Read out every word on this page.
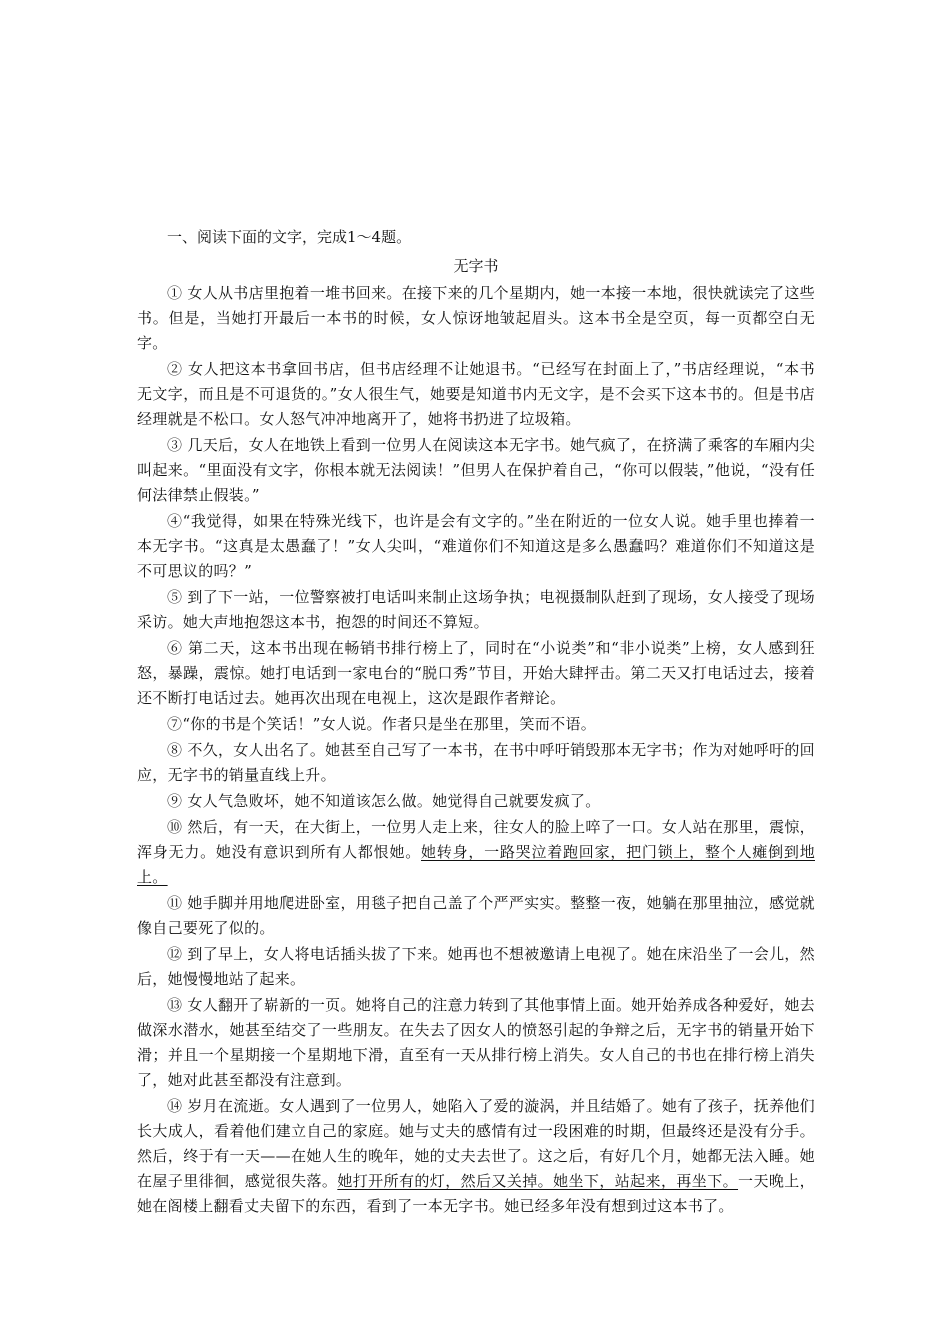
一、阅读下面的文字，完成1～4题。

无字书

① 女人从书店里抱着一堆书回来。在接下来的几个星期内，她一本接一本地，很快就读完了这些书。但是，当她打开最后一本书的时候，女人惊讶地皱起眉头。这本书全是空页，每一页都空白无字。

② 女人把这本书拿回书店，但书店经理不让她退书。“已经写在封面上了，”书店经理说，“本书无文字，而且是不可退货的。”女人很生气，她要是知道书内无文字，是不会买下这本书的。但是书店经理就是不松口。女人怒气冲冲地离开了，她将书扔进了垃圾箱。

③ 几天后，女人在地铁上看到一位男人在阅读这本无字书。她气疯了，在挤满了乘客的车厢内尖叫起来。“里面没有文字，你根本就无法阅读！”但男人在保护着自己，“你可以假装，”他说，“没有任何法律禁止假装。”

④“我觉得，如果在特殊光线下，也许是会有文字的。”坐在附近的一位女人说。她手里也捧着一本无字书。“这真是太愚蠢了！”女人尖叫，“难道你们不知道这是多么愚蠢吗？难道你们不知道这是不可思议的吗？”

⑤ 到了下一站，一位警察被打电话叫来制止这场争执；电视摄制队赶到了现场，女人接受了现场采访。她大声地抱怨这本书，抱怨的时间还不算短。

⑥ 第二天，这本书出现在畅销书排行榜上了，同时在“小说类”和“非小说类”上榜，女人感到狂怒，暴躁，震惊。她打电话到一家电台的“脱口秀”节目，开始大肆抨击。第二天又打电话过去，接着还不断打电话过去。她再次出现在电视上，这次是跟作者辩论。

⑦“你的书是个笑话！”女人说。作者只是坐在那里，笑而不语。

⑧ 不久，女人出名了。她甚至自己写了一本书，在书中呼吁销毁那本无字书；作为对她呼吁的回应，无字书的销量直线上升。

⑨ 女人气急败坏，她不知道该怎么做。她觉得自己就要发疯了。

⑩ 然后，有一天，在大街上，一位男人走上来，往女人的脸上啐了一口。女人站在那里，震惊，浑身无力。她没有意识到所有人都恨她。她转身，一路哭泣着跑回家，把门锁上，整个人瘫倒到地上。

⑪ 她手脚并用地爬进卧室，用毯子把自己盖了个严严实实。整整一夜，她躺在那里抽泣，感觉就像自己要死了似的。

⑫ 到了早上，女人将电话插头拔了下来。她再也不想被邀请上电视了。她在床沿坐了一会儿，然后，她慢慢地站了起来。

⑬ 女人翻开了崭新的一页。她将自己的注意力转到了其他事情上面。她开始养成各种爱好，她去做深水潜水，她甚至结交了一些朋友。在失去了因女人的愤怒引起的争辩之后，无字书的销量开始下滑；并且一个星期接一个星期地下滑，直至有一天从排行榜上消失。女人自己的书也在排行榜上消失了，她对此甚至都没有注意到。

⑭ 岁月在流逝。女人遇到了一位男人，她陷入了爱的漩涡，并且结婚了。她有了孩子，抚养他们长大成人，看着他们建立自己的家庭。她与丈夫的感情有过一段困难的时期，但最终还是没有分手。然后，终于有一天——在她人生的晚年，她的丈夫去世了。这之后，有好几个月，她都无法入睡。她在屋子里徘徊，感觉很失落。她打开所有的灯，然后又关掉。她坐下，站起来，再坐下。一天晚上，她在阁楼上翻看丈夫留下的东西，看到了一本无字书。她已经多年没有想到过这本书了。
